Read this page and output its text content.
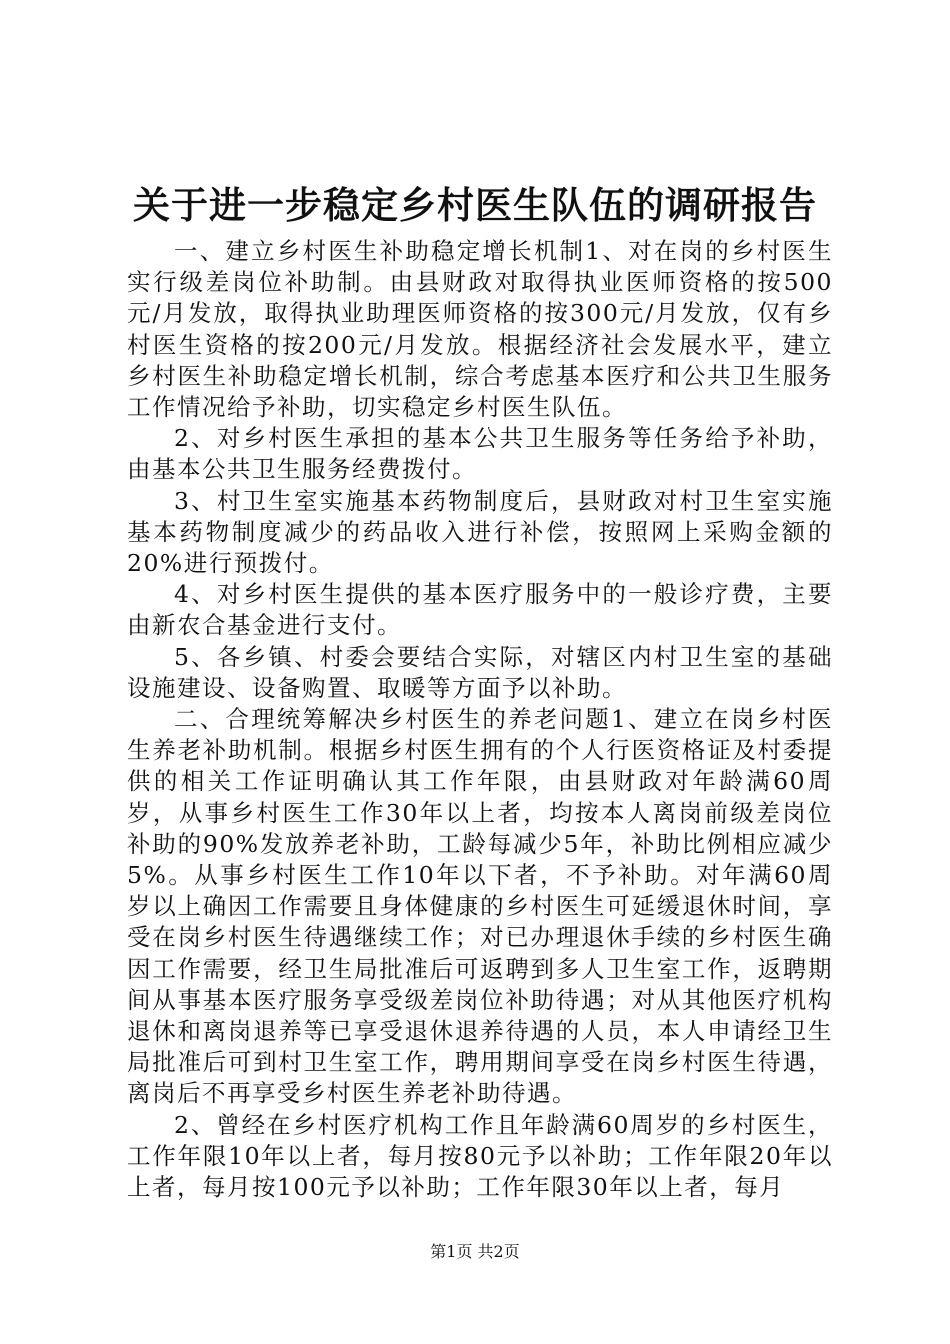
关于进一步稳定乡村医生队伍的调研报告

一、建立乡村医生补助稳定增长机制1、对在岗的乡村医生实行级差岗位补助制。由县财政对取得执业医师资格的按500元/月发放，取得执业助理医师资格的按300元/月发放，仅有乡村医生资格的按200元/月发放。根据经济社会发展水平，建立乡村医生补助稳定增长机制，综合考虑基本医疗和公共卫生服务工作情况给予补助，切实稳定乡村医生队伍。

2、对乡村医生承担的基本公共卫生服务等任务给予补助，由基本公共卫生服务经费拨付。

3、村卫生室实施基本药物制度后，县财政对村卫生室实施基本药物制度减少的药品收入进行补偿，按照网上采购金额的20%进行预拨付。

4、对乡村医生提供的基本医疗服务中的一般诊疗费，主要由新农合基金进行支付。

5、各乡镇、村委会要结合实际，对辖区内村卫生室的基础设施建设、设备购置、取暖等方面予以补助。

二、合理统筹解决乡村医生的养老问题1、建立在岗乡村医生养老补助机制。根据乡村医生拥有的个人行医资格证及村委提供的相关工作证明确认其工作年限，由县财政对年龄满60周岁，从事乡村医生工作30年以上者，均按本人离岗前级差岗位补助的90%发放养老补助，工龄每减少5年，补助比例相应减少5%。从事乡村医生工作10年以下者，不予补助。对年满60周岁以上确因工作需要且身体健康的乡村医生可延缓退休时间，享受在岗乡村医生待遇继续工作；对已办理退休手续的乡村医生确因工作需要，经卫生局批准后可返聘到多人卫生室工作，返聘期间从事基本医疗服务享受级差岗位补助待遇；对从其他医疗机构退休和离岗退养等已享受退休退养待遇的人员，本人申请经卫生局批准后可到村卫生室工作，聘用期间享受在岗乡村医生待遇，离岗后不再享受乡村医生养老补助待遇。

2、曾经在乡村医疗机构工作且年龄满60周岁的乡村医生，工作年限10年以上者，每月按80元予以补助；工作年限20年以上者，每月按100元予以补助；工作年限30年以上者，每月

第1页 共2页
